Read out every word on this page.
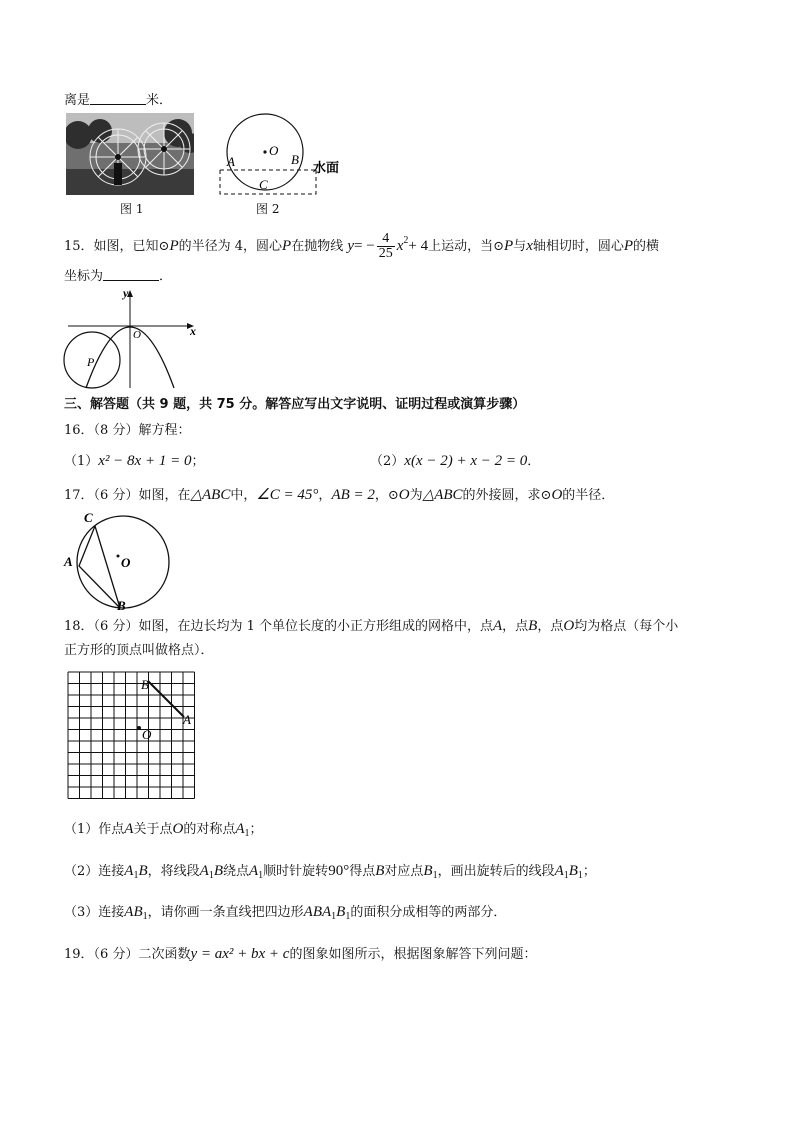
离是	米．
图 1
O
A	B
C
水面
图 2
15．如图，已知⊙P的半径为 4，圆心P在抛物线 $y= - \frac{4}{25} x^2+ 4$上运动，当⊙P与x轴相切时，圆心P的横
坐标为	．
y
x
O
P
三、解答题（共 9 题，共 75 分。解答应写出文字说明、证明过程或演算步骤）
16．（8 分）解方程：
（1）x² − 8x + 1 = 0；	（2）x(x − 2) + x − 2 = 0．
17．（6 分）如图，在△ABC中，∠C = 45°，AB = 2，⊙O为△ABC的外接圆，求⊙O的半径．
C
A
B
O
18．（6 分）如图，在边长均为 1 个单位长度的小正方形组成的网格中，点A，点B，点O均为格点（每个小
正方形的顶点叫做格点）．
B
A
O
（1）作点A关于点O的对称点$A_1$；
（2）连接$A_1B$，将线段$A_1B$绕点$A_1$顺时针旋转90°得点B对应点$B_1$，画出旋转后的线段$A_1B_1$；
（3）连接$AB_1$，请你画一条直线把四边形$ABA_1B_1$的面积分成相等的两部分．
19．（6 分）二次函数y = ax² + bx + c的图象如图所示，根据图象解答下列问题：
